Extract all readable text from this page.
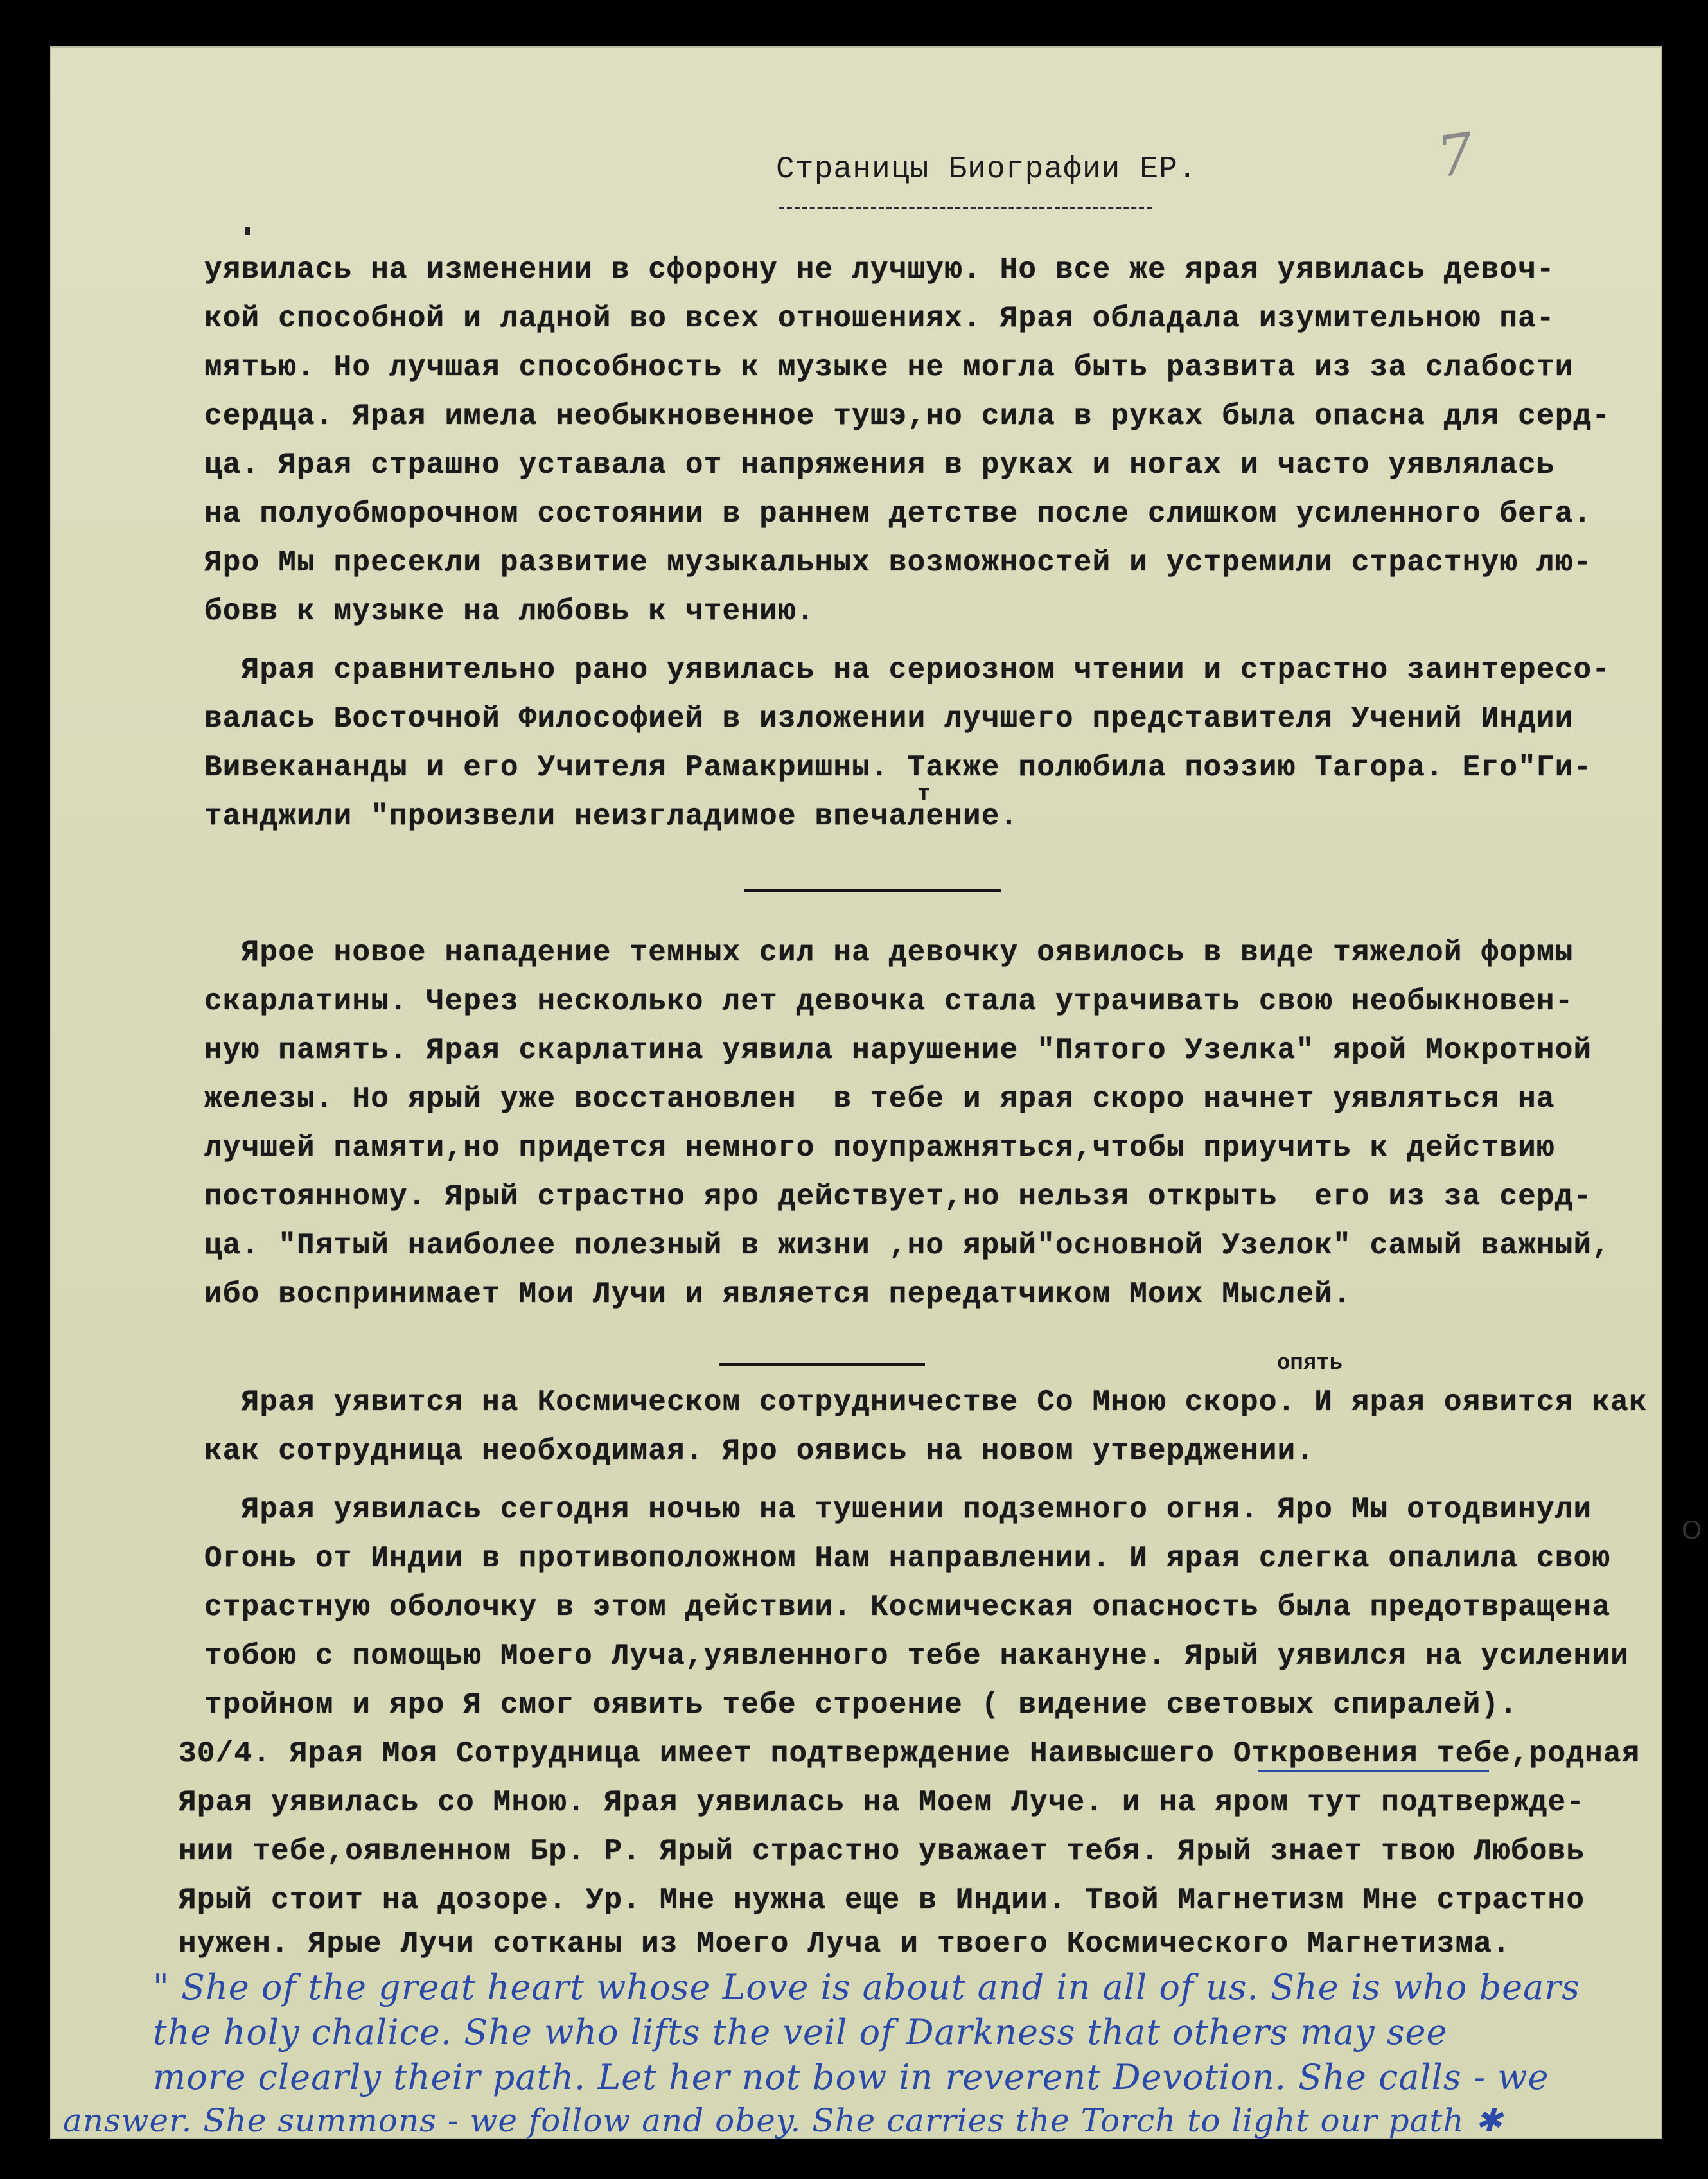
7
Страницы Биографии ЕР.
уявилась на изменении в сфорону не лучшую. Но все же ярая уявилась девоч-
кой способной и ладной во всех отношениях. Ярая обладала изумительною па-
мятью. Но лучшая способность к музыке не могла быть развита из за слабости
сердца. Ярая имела необыкновенное тушэ,но сила в руках была опасна для серд-
ца. Ярая страшно уставала от напряжения в руках и ногах и часто уявлялась
на полуобморочном состоянии в раннем детстве после слишком усиленного бега.
Яро Мы пресекли развитие музыкальных возможностей и устремили страстную лю-
бовв к музыке на любовь к чтению.
Ярая сравнительно рано уявилась на сериозном чтении и страстно заинтересо-
валась Восточной Философией в изложении лучшего представителя Учений Индии
Вивекананды и его Учителя Рамакришны. Также полюбила поэзию Тагора. Его"Ги-
танджили "произвели неизгладимое впечаление.
т
Ярое новое нападение темных сил на девочку оявилось в виде тяжелой формы
скарлатины. Через несколько лет девочка стала утрачивать свою необыкновен-
ную память. Ярая скарлатина уявила нарушение "Пятого Узелка" ярой Мокротной
железы. Но ярый уже восстановлен  в тебе и ярая скоро начнет уявляться на
лучшей памяти,но придется немного поупражняться,чтобы приучить к действию
постоянному. Ярый страстно яро действует,но нельзя открыть  его из за серд-
ца. "Пятый наиболее полезный в жизни ,но ярый"основной Узелок" самый важный,
ибо воспринимает Мои Лучи и является передатчиком Моих Мыслей.
опять
Ярая уявится на Космическом сотрудничестве Со Мною скоро. И ярая оявится как
как сотрудница необходимая. Яро оявись на новом утверджении.
Ярая уявилась сегодня ночью на тушении подземного огня. Яро Мы отодвинули
Огонь от Индии в противоположном Нам направлении. И ярая слегка опалила свою
страстную оболочку в этом действии. Космическая опасность была предотвращена
тобою с помощью Моего Луча,уявленного тебе накануне. Ярый уявился на усилении
тройном и яро Я смог оявить тебе строение ( видение световых спиралей).
30/4. Ярая Моя Сотрудница имеет подтверждение Наивысшего Откровения тебе,родная
Ярая уявилась со Мною. Ярая уявилась на Моем Луче. и на яром тут подтвержде-
нии тебе,оявленном Бр. Р. Ярый страстно уважает тебя. Ярый знает твою Любовь
Ярый стоит на дозоре. Ур. Мне нужна еще в Индии. Твой Магнетизм Мне страстно
нужен. Ярые Лучи сотканы из Моего Луча и твоего Космического Магнетизма.
О
" She of the great heart whose Love is about and in all of us. She is who bears
the holy chalice. She who lifts the veil of Darkness that others may see
more clearly their path. Let her not bow in reverent Devotion. She calls - we
answer. She summons - we follow and obey. She carries the Torch to light our path ✱
